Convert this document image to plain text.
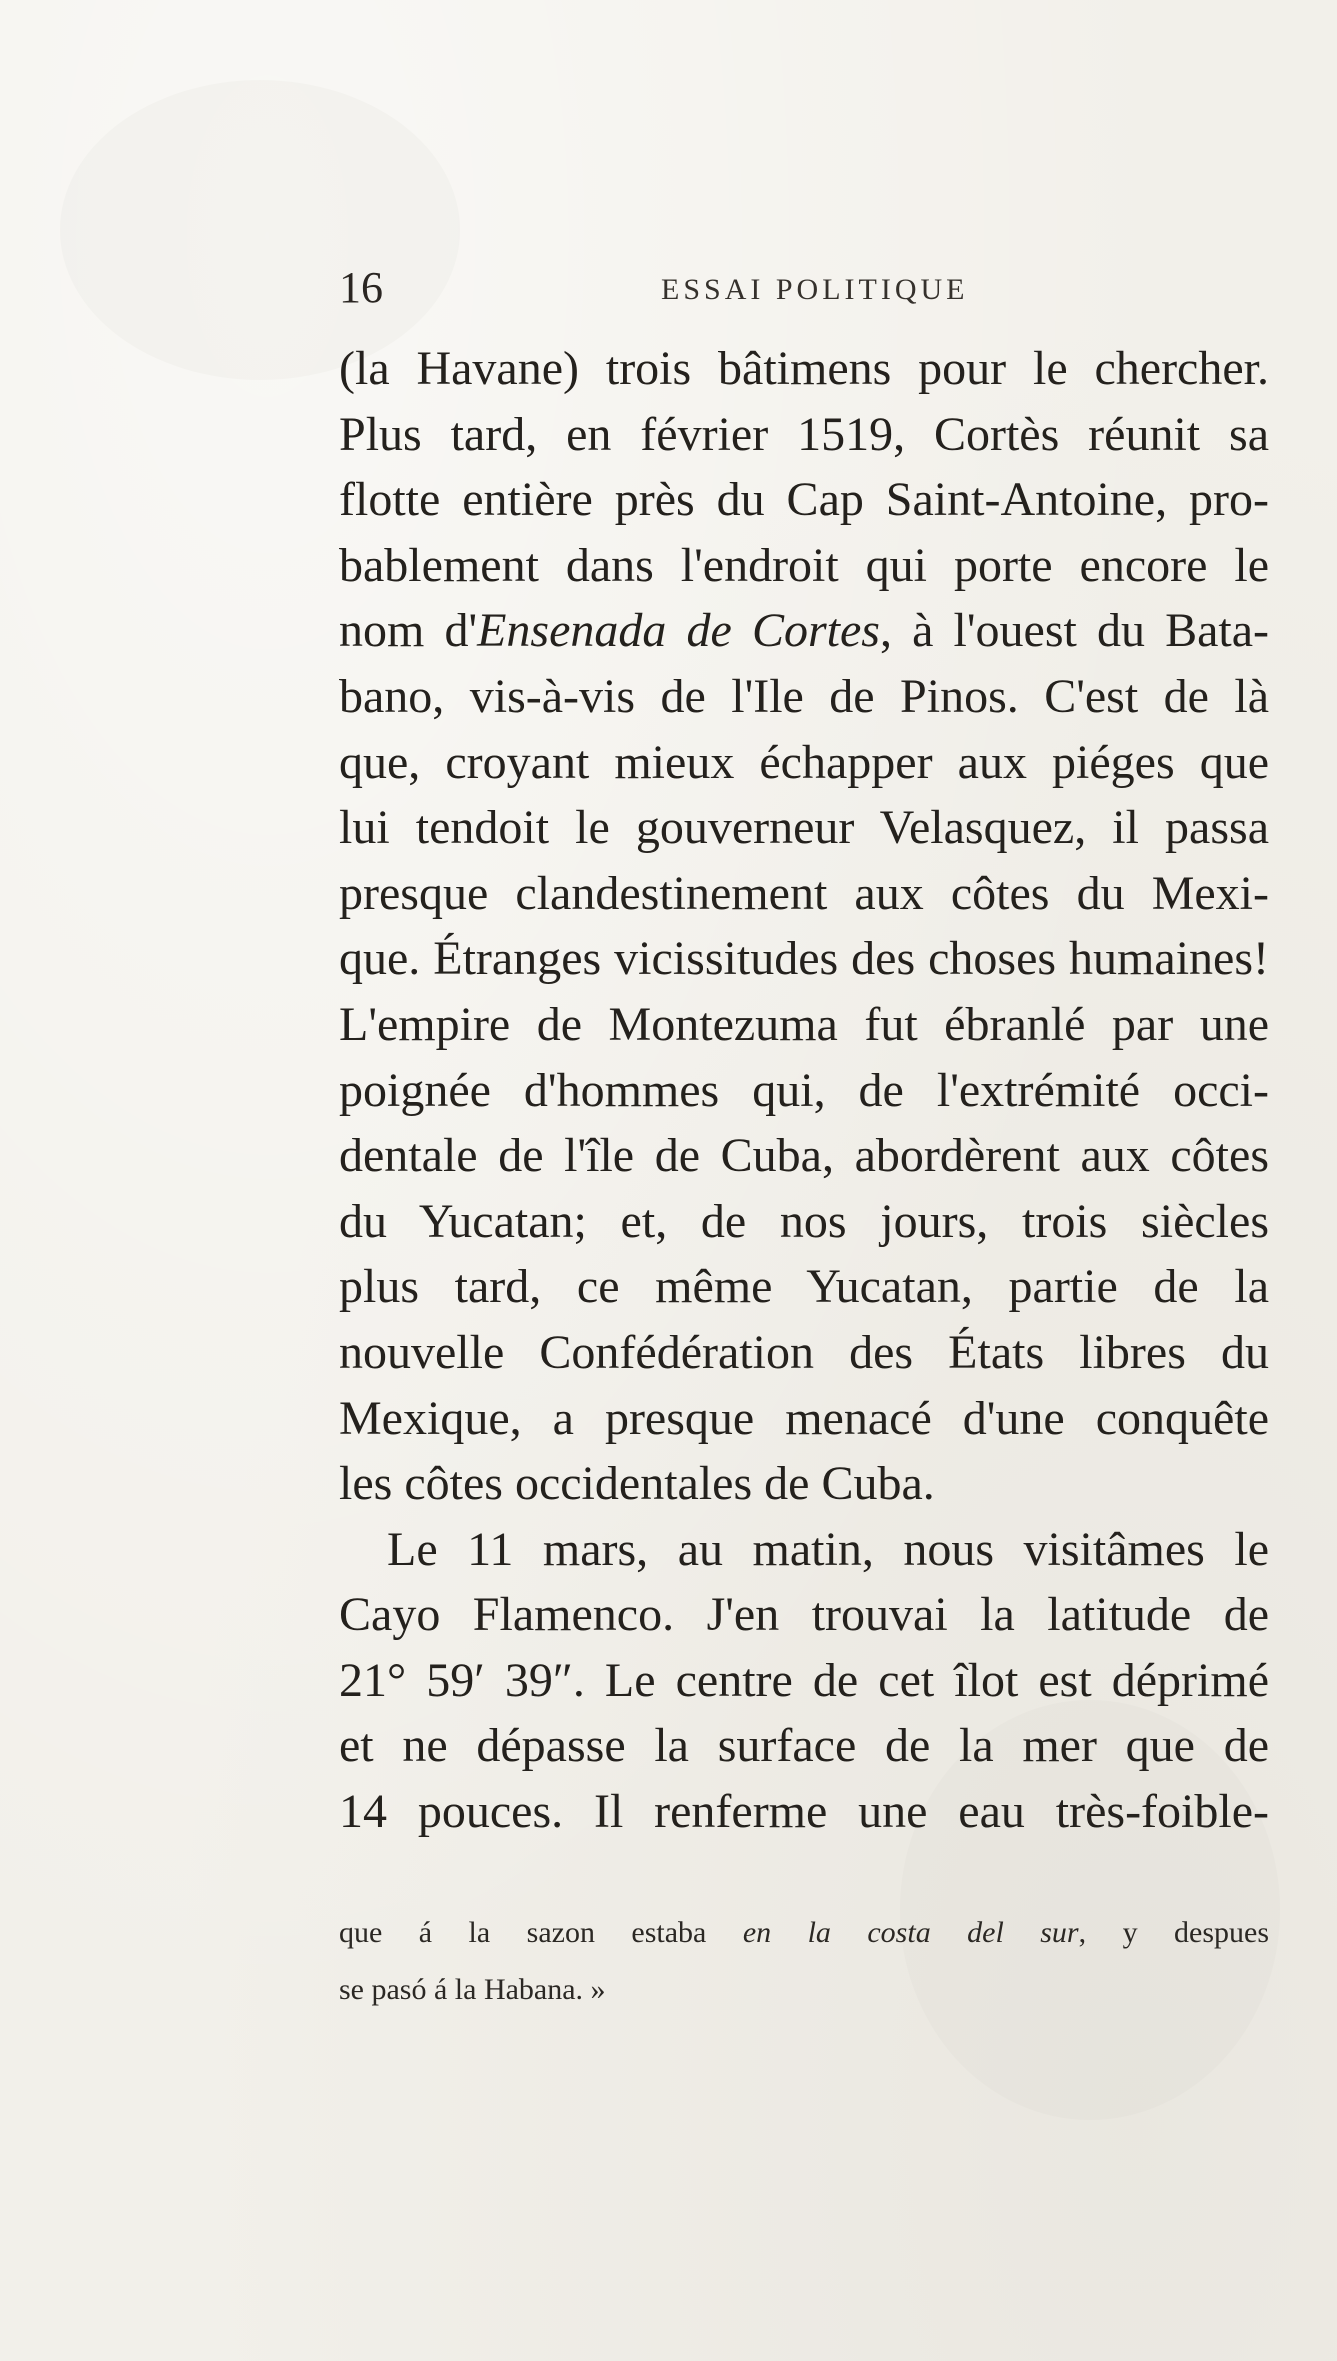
16	ESSAI POLITIQUE
(la Havane) trois bâtimens pour le chercher.
Plus tard, en février 1519, Cortès réunit sa
flotte entière près du Cap Saint-Antoine, pro-
bablement dans l'endroit qui porte encore le
nom d'Ensenada de Cortes, à l'ouest du Bata-
bano, vis-à-vis de l'Ile de Pinos. C'est de là
que, croyant mieux échapper aux piéges que
lui tendoit le gouverneur Velasquez, il passa
presque clandestinement aux côtes du Mexi-
que. Étranges vicissitudes des choses humaines!
L'empire de Montezuma fut ébranlé par une
poignée d'hommes qui, de l'extrémité occi-
dentale de l'île de Cuba, abordèrent aux côtes
du Yucatan; et, de nos jours, trois siècles
plus tard, ce même Yucatan, partie de la
nouvelle Confédération des États libres du
Mexique, a presque menacé d'une conquête
les côtes occidentales de Cuba.
Le 11 mars, au matin, nous visitâmes le
Cayo Flamenco. J'en trouvai la latitude de
21° 59′ 39″. Le centre de cet îlot est déprimé
et ne dépasse la surface de la mer que de
14 pouces. Il renferme une eau très-foible-
que á la sazon estaba en la costa del sur, y despues
se pasó á la Habana. »
